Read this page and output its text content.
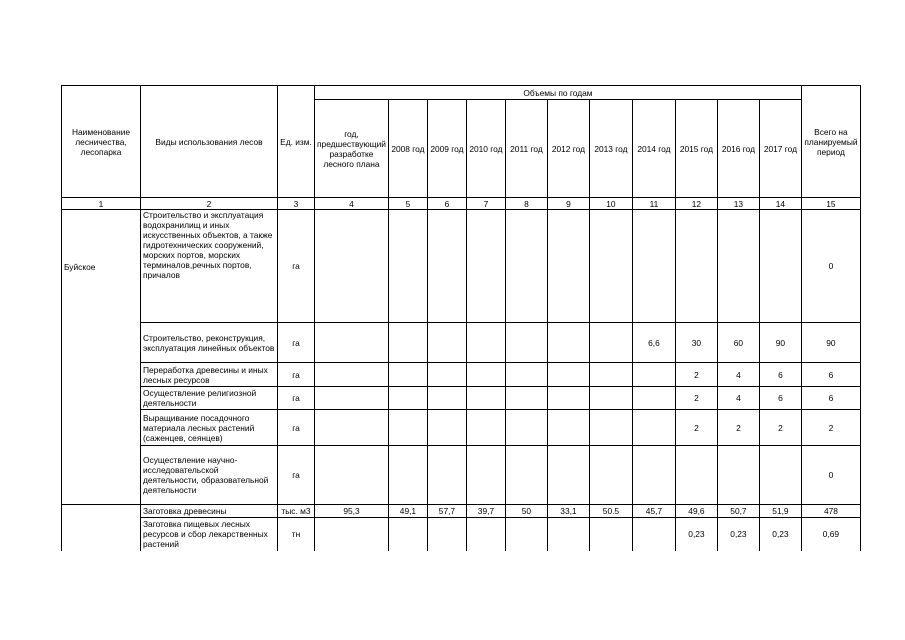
Наименование лесничества, лесопарка	Виды использования лесов	Ед. изм.	Объемы по годам											Всего на планируемый период
			год, предшествующий разработке лесного плана	2008 год	2009 год	2010 год	2011 год	2012 год	2013 год	2014 год	2015 год	2016 год	2017 год	
1	2	3	4	5	6	7	8	9	10	11	12	13	14	15
Буйское	Строительство и эксплуатация водохранилищ и иных искусственных объектов, а также гидротехнических сооружений, морских портов, морских терминалов,речных портов, причалов	га												0
	Строительство, реконструкция, эксплуатация линейных объектов	га								6,6	30	60	90	90
	Переработка древесины и иных лесных ресурсов	га									2	4	6	6
	Осуществление религиозной деятельности	га									2	4	6	6
	Выращивание посадочного материала лесных растений (саженцев, сеянцев)	га									2	2	2	2
	Осуществление научно-исследовательской деятельности, образовательной деятельности	га												0
	Заготовка древесины	тыс. м3	95,3	49,1	57,7	39,7	50	33,1	50.5	45,7	49,6	50,7	51,9	478
	Заготовка пищевых лесных ресурсов и сбор лекарственных растений	тн									0,23	0,23	0,23	0,69
